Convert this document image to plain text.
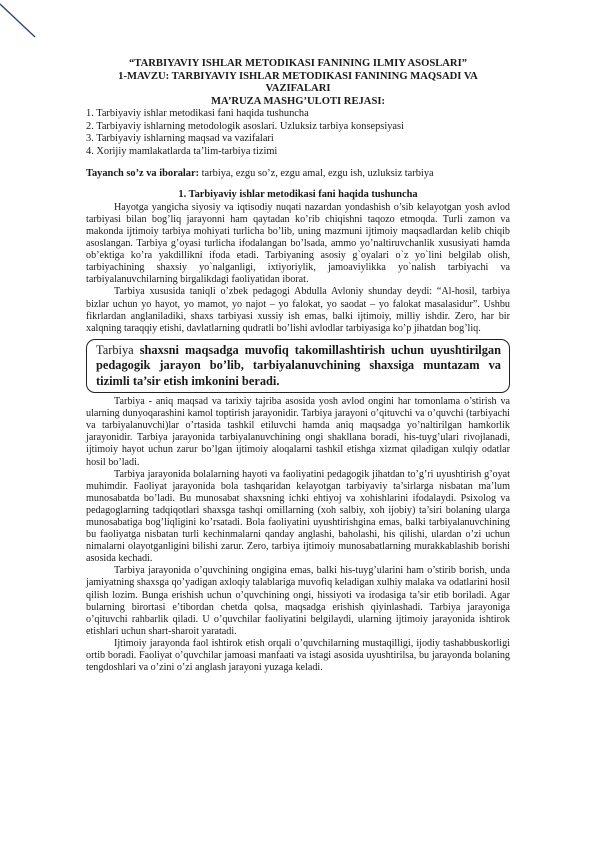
“TARBIYAVIY ISHLAR METODIKASI FANINING ILMIY ASOSLARI”
1-MAVZU: TARBIYAVIY ISHLAR METODIKASI FANINING MAQSADI VA VAZIFALARI
MA’RUZA MASHG’ULOTI REJASI:
1. Tarbiyaviy ishlar metodikasi fani haqida tushuncha
2. Tarbiyaviy ishlarning metodologik asoslari. Uzluksiz tarbiya konsepsiyasi
3. Tarbiyaviy ishlarning maqsad va vazifalari
4. Xorijiy mamlakatlarda ta’lim-tarbiya tizimi
Tayanch so’z va iboralar: tarbiya, ezgu so’z, ezgu amal, ezgu ish, uzluksiz tarbiya
1. Tarbiyaviy ishlar metodikasi fani haqida tushuncha

Hayotga yangicha siyosiy va iqtisodiy nuqati nazardan yondashish o’sib kelayotgan yosh avlod tarbiyasi bilan bog’liq jarayonni ham qaytadan ko’rib chiqishni taqozo etmoqda. Turli zamon va makonda ijtimoiy tarbiya mohiyati turlicha bo’lib, uning mazmuni ijtimoiy maqsadlardan kelib chiqib asoslangan. Tarbiya g’oyasi turlicha ifodalangan bo’lsada, ammo yo’naltiruvchanlik xususiyati hamda ob’ektiga ko’ra yakdillikni ifoda etadi. Tarbiyaning asosiy g`oyalari o`z yo`lini belgilab olish, tarbiyachining shaxsiy yo`nalganligi, ixtiyoriylik, jamoaviylikka yo`nalish tarbiyachi va tarbiyalanuvchilarning birgalikdagi faoliyatidan iborat.

Tarbiya xususida taniqli o’zbek pedagogi Abdulla Avloniy shunday deydi: “Al-hosil, tarbiya bizlar uchun yo hayot, yo mamot, yo najot – yo falokat, yo saodat – yo falokat masalasidur”. Ushbu fikrlardan anglaniladiki, shaxs tarbiyasi xussiy ish emas, balki ijtimoiy, milliy ishdir. Zero, har bir xalqning taraqqiy etishi, davlatlarning qudratli bo’lishi avlodlar tarbiyasiga ko’p jihatdan bog’liq.

Tarbiya shaxsni maqsadga muvofiq takomillashtirish uchun uyushtirilgan pedagogik jarayon bo’lib, tarbiyalanuvchining shaxsiga muntazam va tizimli ta’sir etish imkonini beradi.

Tarbiya - aniq maqsad va tarixiy tajriba asosida yosh avlod ongini har tomonlama o’stirish va ularning dunyoqarashini kamol toptirish jarayonidir. Tarbiya jarayoni o’qituvchi va o’quvchi (tarbiyachi va tarbiyalanuvchi)lar o’rtasida tashkil etiluvchi hamda aniq maqsadga yo’naltirilgan hamkorlik jarayonidir. Tarbiya jarayonida tarbiyalanuvchining ongi shakllana boradi, his-tuyg’ulari rivojlanadi, ijtimoiy hayot uchun zarur bo’lgan ijtimoiy aloqalarni tashkil etishga xizmat qiladigan xulqiy odatlar hosil bo’ladi.

Tarbiya jarayonida bolalarning hayoti va faoliyatini pedagogik jihatdan to’g’ri uyushtirish g’oyat muhimdir. Faoliyat jarayonida bola tashqaridan kelayotgan tarbiyaviy ta’sirlarga nisbatan ma’lum munosabatda bo’ladi. Bu munosabat shaxsning ichki ehtiyoj va xohishlarini ifodalaydi. Psixolog va pedagoglarning tadqiqotlari shaxsga tashqi omillarning (xoh salbiy, xoh ijobiy) ta’siri bolaning ularga munosabatiga bog’liqligini ko’rsatadi. Bola faoliyatini uyushtirishgina emas, balki tarbiyalanuvchining bu faoliyatga nisbatan turli kechinmalarni qanday anglashi, baholashi, his qilishi, ulardan o’zi uchun nimalarni olayotganligini bilishi zarur. Zero, tarbiya ijtimoiy munosabatlarning murakkablashib borishi asosida kechadi.

Tarbiya jarayonida o’quvchining ongigina emas, balki his-tuyg’ularini ham o’stirib borish, unda jamiyatning shaxsga qo’yadigan axloqiy talablariga muvofiq keladigan xulhiy malaka va odatlarini hosil qilish lozim. Bunga erishish uchun o’quvchining ongi, hissiyoti va irodasiga ta’sir etib boriladi. Agar bularning birortasi e’tibordan chetda qolsa, maqsadga erishish qiyinlashadi. Tarbiya jarayoniga o’qituvchi rahbarlik qiladi. U o’quvchilar faoliyatini belgilaydi, ularning ijtimoiy jarayonida ishtirok etishlari uchun shart-sharoit yaratadi.

Ijtimoiy jarayonda faol ishtirok etish orqali o’quvchilarning mustaqilligi, ijodiy tashabbuskorligi ortib boradi. Faoliyat o’quvchilar jamoasi manfaati va istagi asosida uyushtirilsa, bu jarayonda bolaning tengdoshlari va o’zini o’zi anglash jarayoni yuzaga keladi.
